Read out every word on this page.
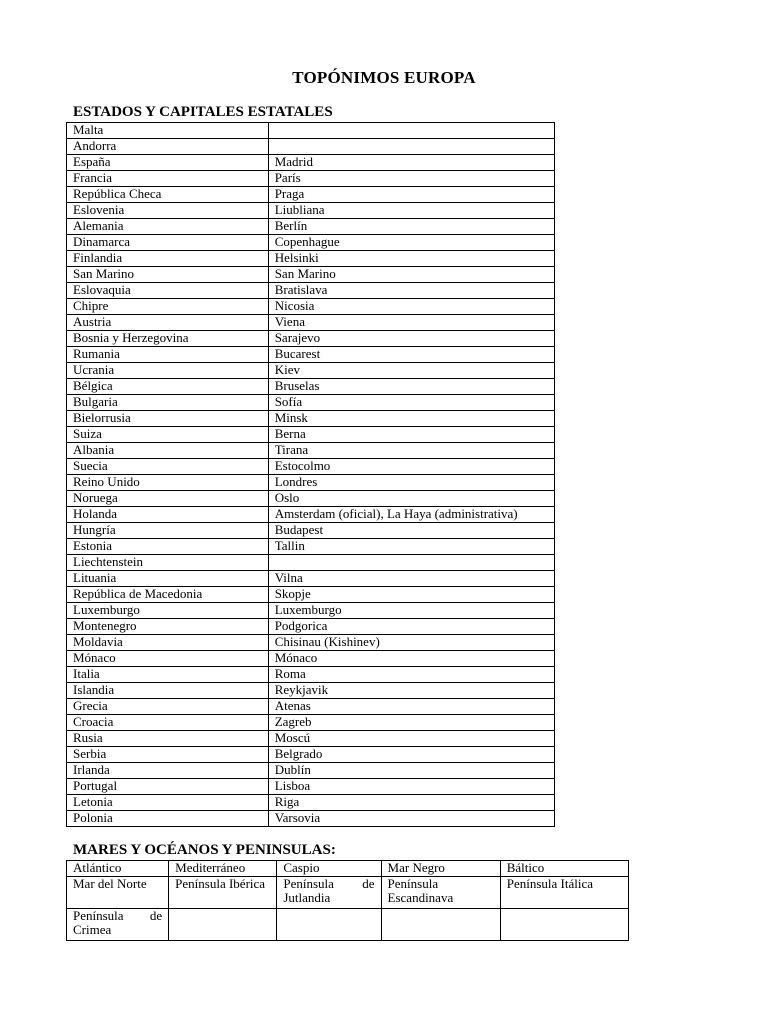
TOPÓNIMOS EUROPA
ESTADOS Y CAPITALES ESTATALES
Malta	
Andorra	
España	Madrid
Francia	París
República Checa	Praga
Eslovenia	Liubliana
Alemania	Berlín
Dinamarca	Copenhague
Finlandia	Helsinki
San Marino	San Marino
Eslovaquia	Bratislava
Chipre	Nicosia
Austria	Viena
Bosnia y Herzegovina	Sarajevo
Rumania	Bucarest
Ucrania	Kiev
Bélgica	Bruselas
Bulgaria	Sofía
Bielorrusia	Minsk
Suiza	Berna
Albania	Tirana
Suecia	Estocolmo
Reino Unido	Londres
Noruega	Oslo
Holanda	Amsterdam (oficial), La Haya (administrativa)
Hungría	Budapest
Estonia	Tallin
Liechtenstein	
Lituania	Vilna
República de Macedonia	Skopje
Luxemburgo	Luxemburgo
Montenegro	Podgorica
Moldavia	Chisinau (Kishinev)
Mónaco	Mónaco
Italia	Roma
Islandia	Reykjavik
Grecia	Atenas
Croacia	Zagreb
Rusia	Moscú
Serbia	Belgrado
Irlanda	Dublín
Portugal	Lisboa
Letonia	Riga
Polonia	Varsovia
MARES Y OCÉANOS Y PENINSULAS:
Atlántico	Mediterráneo	Caspio	Mar Negro	Báltico
Mar del Norte	Península Ibérica	Península de Jutlandia	Península Escandinava	Península Itálica
Península de Crimea				
